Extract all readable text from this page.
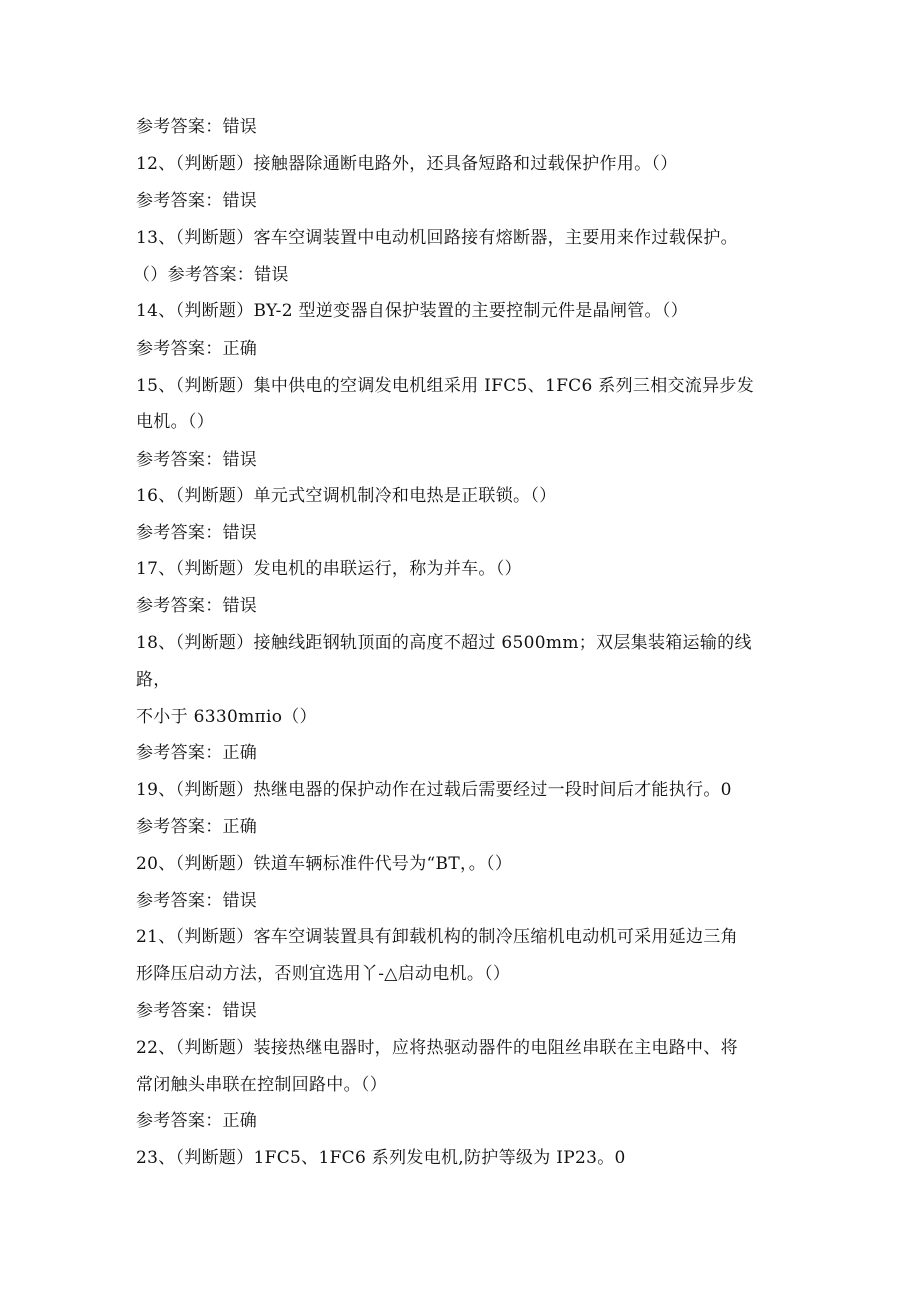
参考答案：错误
12、（判断题）接触器除通断电路外，还具备短路和过载保护作用。（）
参考答案：错误
13、（判断题）客车空调装置中电动机回路接有熔断器，主要用来作过载保护。
（）参考答案：错误
14、（判断题）BY-2 型逆变器自保护装置的主要控制元件是晶闸管。（）
参考答案：正确
15、（判断题）集中供电的空调发电机组采用 IFC5、1FC6 系列三相交流异步发
电机。（）
参考答案：错误
16、（判断题）单元式空调机制冷和电热是正联锁。（）
参考答案：错误
17、（判断题）发电机的串联运行，称为并车。（）
参考答案：错误
18、（判断题）接触线距钢轨顶面的高度不超过 6500mm；双层集装箱运输的线
路，
不小于 6330mπio（）
参考答案：正确
19、（判断题）热继电器的保护动作在过载后需要经过一段时间后才能执行。0
参考答案：正确
20、（判断题）铁道车辆标准件代号为“BT，。（）
参考答案：错误
21、（判断题）客车空调装置具有卸载机构的制冷压缩机电动机可采用延边三角
形降压启动方法，否则宜选用丫-△启动电机。（）
参考答案：错误
22、（判断题）装接热继电器时，应将热驱动器件的电阻丝串联在主电路中、将
常闭触头串联在控制回路中。（）
参考答案：正确
23、（判断题）1FC5、1FC6 系列发电机,防护等级为 IP23。0
